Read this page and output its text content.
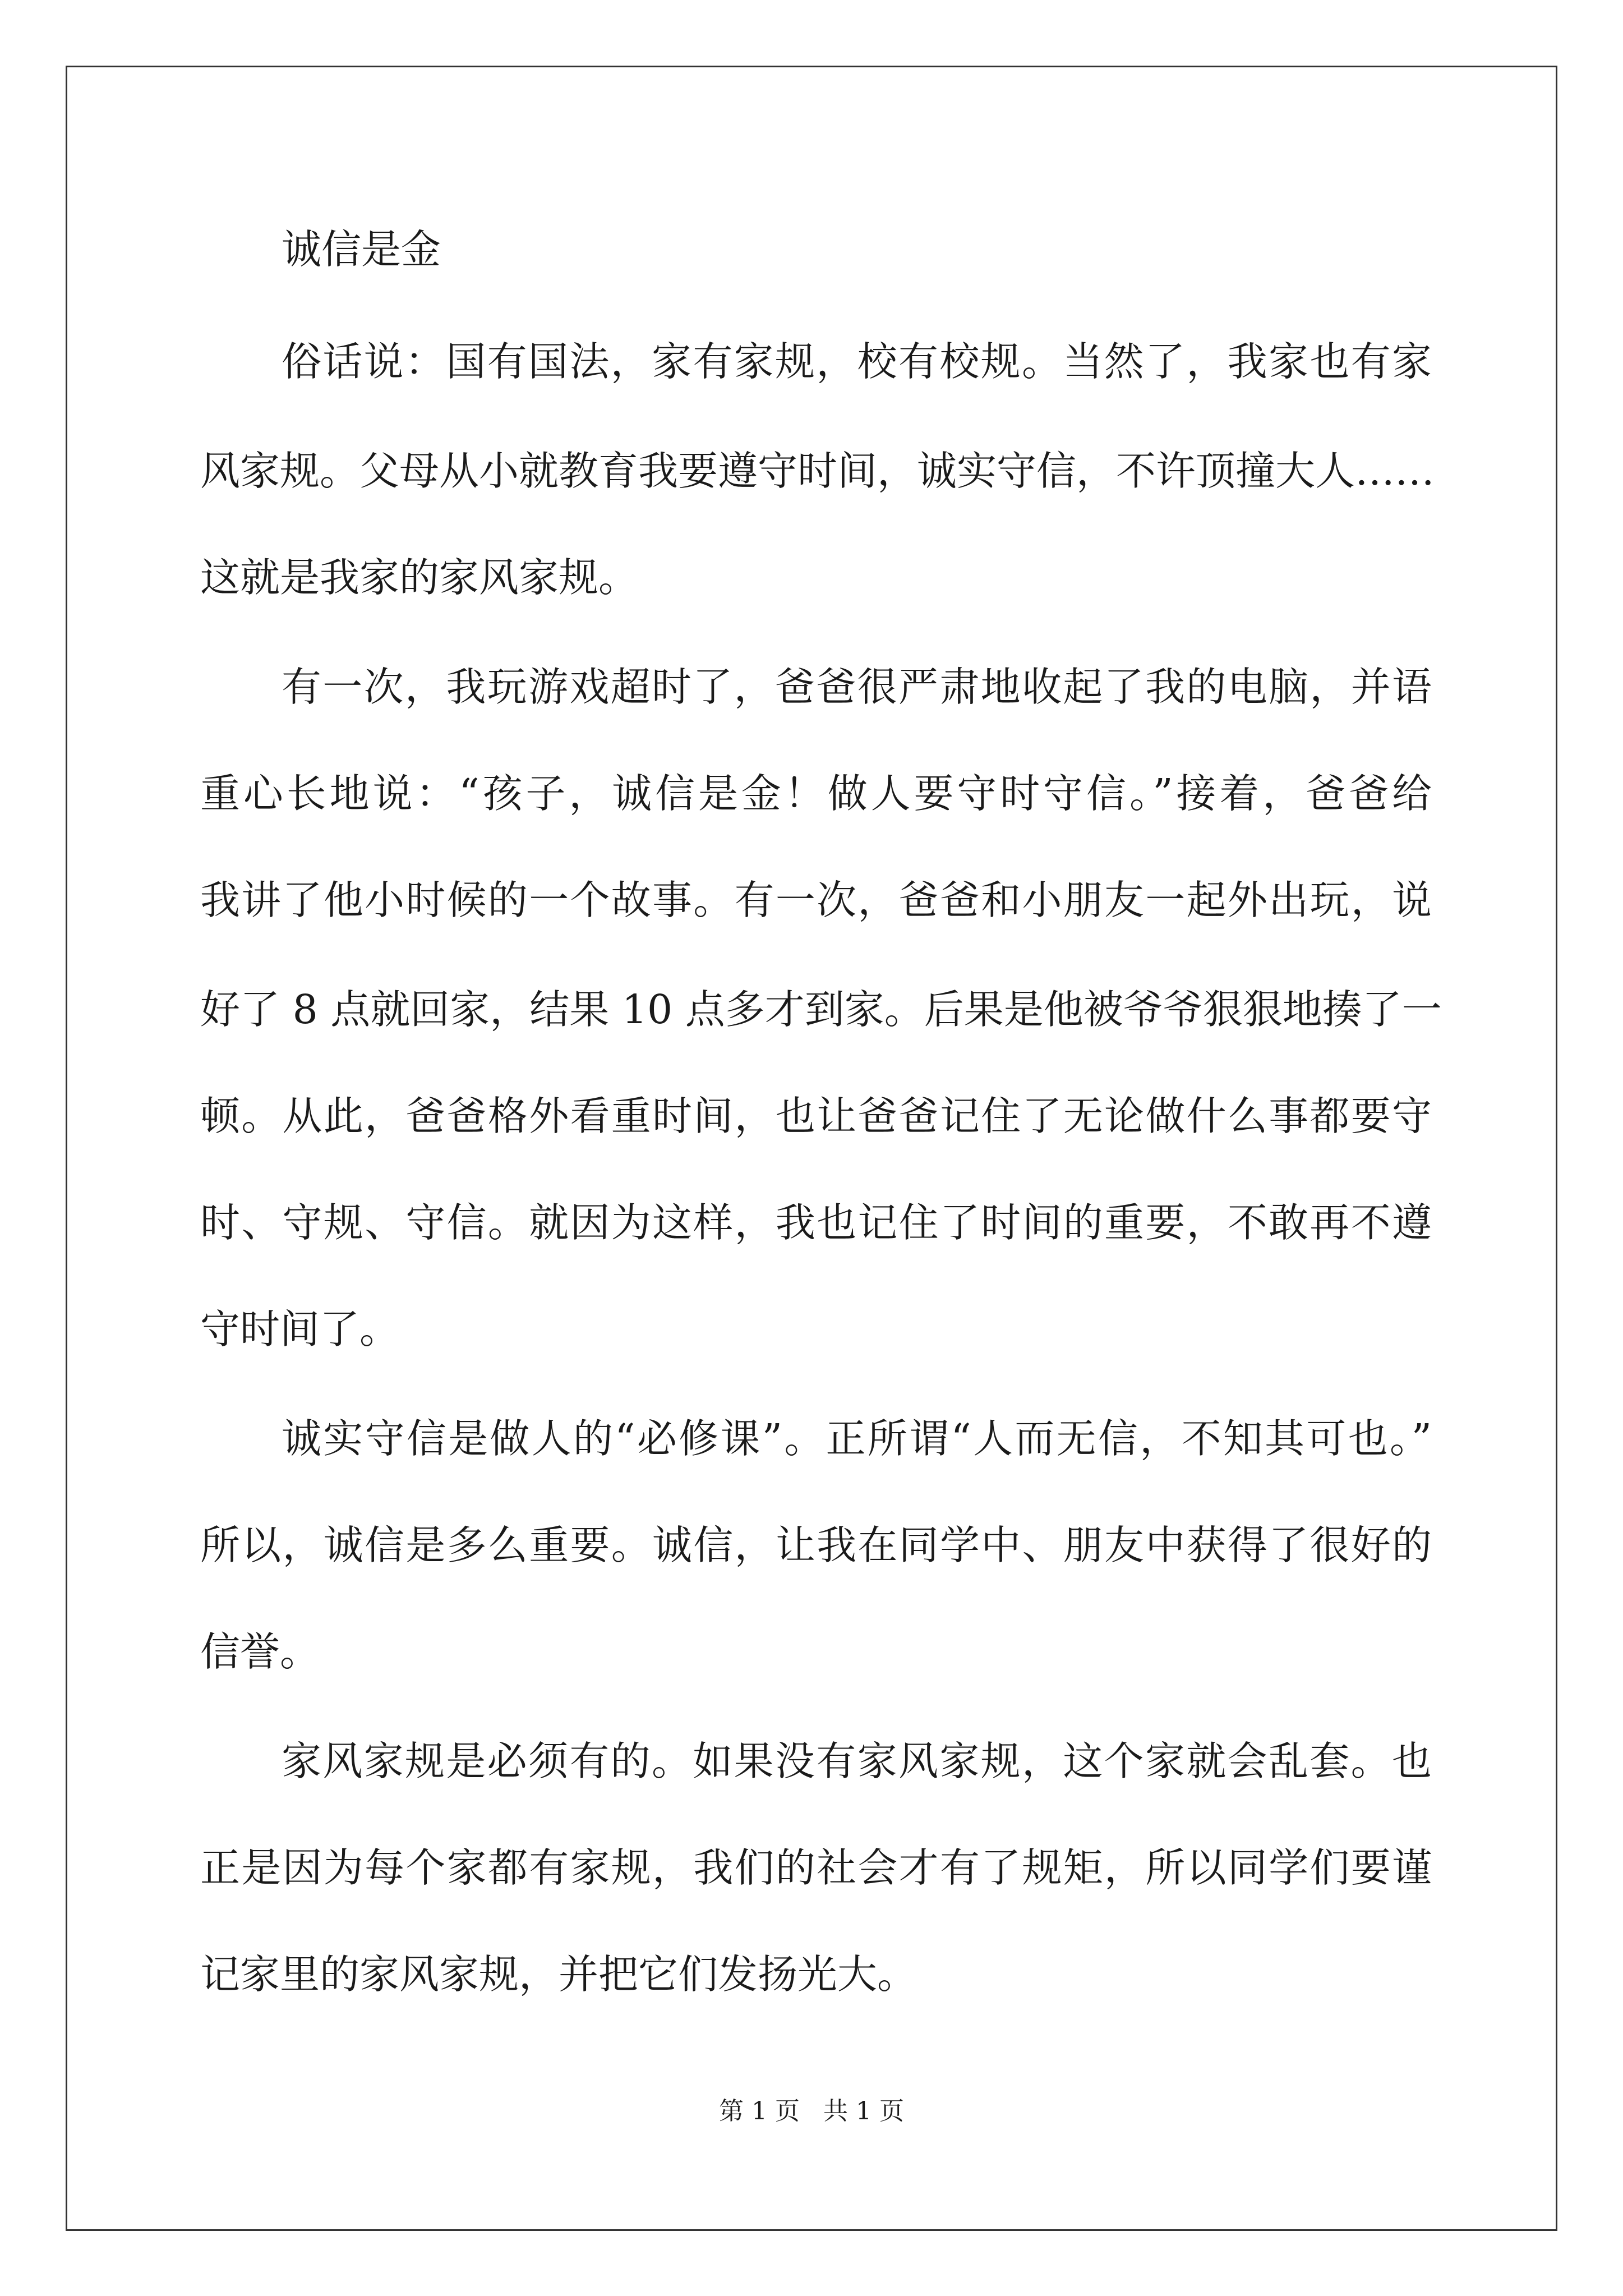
诚信是金
俗话说：国有国法，家有家规，校有校规。当然了，我家也有家
风家规。父母从小就教育我要遵守时间，诚实守信，不许顶撞大人……
这就是我家的家风家规。
有一次，我玩游戏超时了，爸爸很严肃地收起了我的电脑，并语
重心长地说：“孩子，诚信是金！做人要守时守信。”接着，爸爸给
我讲了他小时候的一个故事。有一次，爸爸和小朋友一起外出玩，说
好了 8 点就回家，结果 10 点多才到家。后果是他被爷爷狠狠地揍了一
顿。从此，爸爸格外看重时间，也让爸爸记住了无论做什么事都要守
时、守规、守信。就因为这样，我也记住了时间的重要，不敢再不遵
守时间了。
诚实守信是做人的“必修课”。正所谓“人而无信，不知其可也。”
所以，诚信是多么重要。诚信，让我在同学中、朋友中获得了很好的
信誉。
家风家规是必须有的。如果没有家风家规，这个家就会乱套。也
正是因为每个家都有家规，我们的社会才有了规矩，所以同学们要谨
记家里的家风家规，并把它们发扬光大。
第 1 页   共 1 页
